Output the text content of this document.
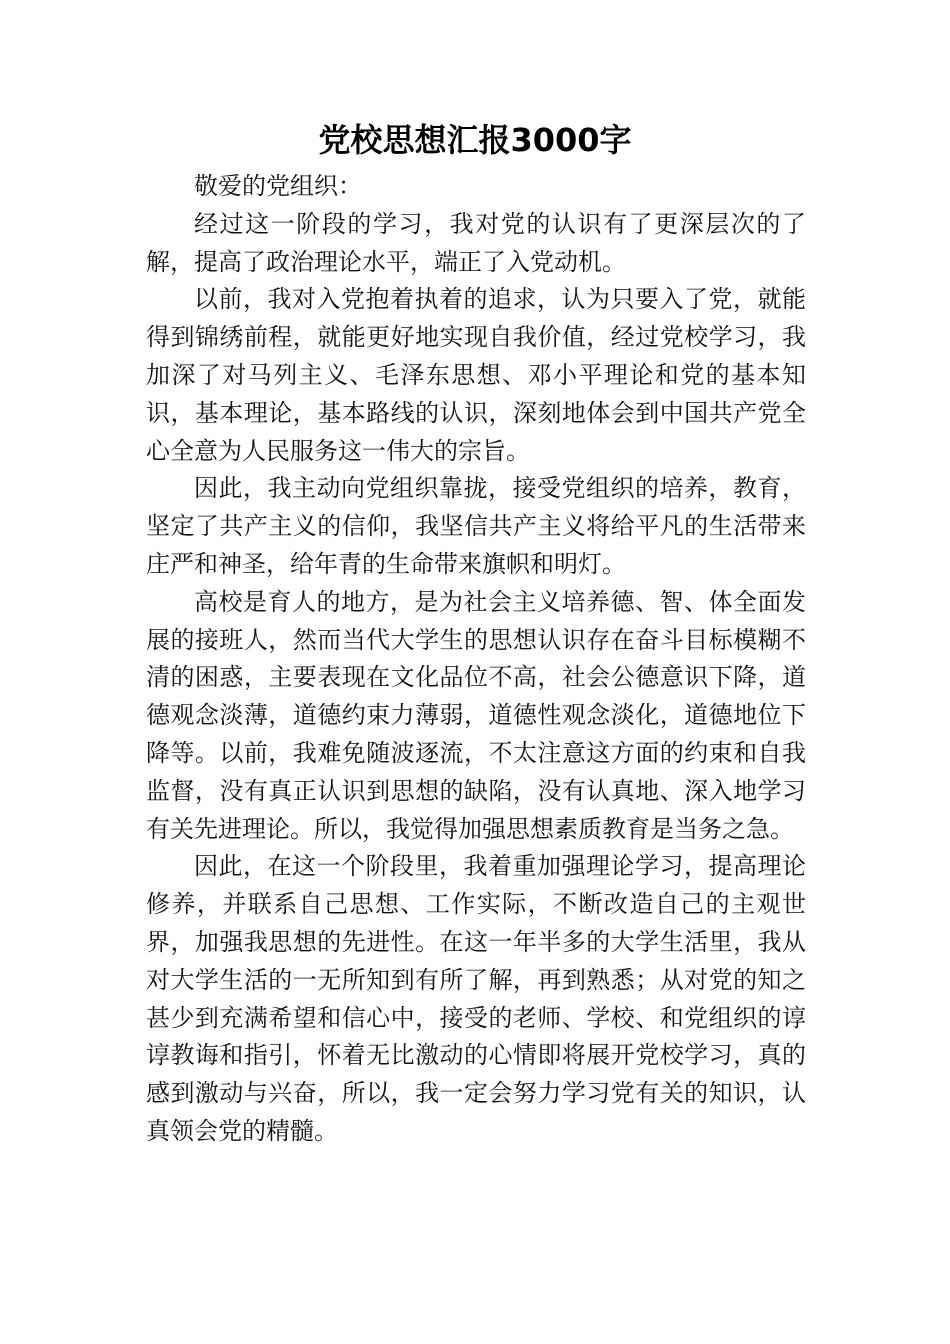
党校思想汇报3000字

敬爱的党组织：

经过这一阶段的学习，我对党的认识有了更深层次的了解，提高了政治理论水平，端正了入党动机。

以前，我对入党抱着执着的追求，认为只要入了党，就能得到锦绣前程，就能更好地实现自我价值，经过党校学习，我加深了对马列主义、毛泽东思想、邓小平理论和党的基本知识，基本理论，基本路线的认识，深刻地体会到中国共产党全心全意为人民服务这一伟大的宗旨。

因此，我主动向党组织靠拢，接受党组织的培养，教育，坚定了共产主义的信仰，我坚信共产主义将给平凡的生活带来庄严和神圣，给年青的生命带来旗帜和明灯。

高校是育人的地方，是为社会主义培养德、智、体全面发展的接班人，然而当代大学生的思想认识存在奋斗目标模糊不清的困惑，主要表现在文化品位不高，社会公德意识下降，道德观念淡薄，道德约束力薄弱，道德性观念淡化，道德地位下降等。以前，我难免随波逐流，不太注意这方面的约束和自我监督，没有真正认识到思想的缺陷，没有认真地、深入地学习有关先进理论。所以，我觉得加强思想素质教育是当务之急。

因此，在这一个阶段里，我着重加强理论学习，提高理论修养，并联系自己思想、工作实际，不断改造自己的主观世界，加强我思想的先进性。在这一年半多的大学生活里，我从对大学生活的一无所知到有所了解，再到熟悉；从对党的知之甚少到充满希望和信心中，接受的老师、学校、和党组织的谆谆教诲和指引，怀着无比激动的心情即将展开党校学习，真的感到激动与兴奋，所以，我一定会努力学习党有关的知识，认真领会党的精髓。
